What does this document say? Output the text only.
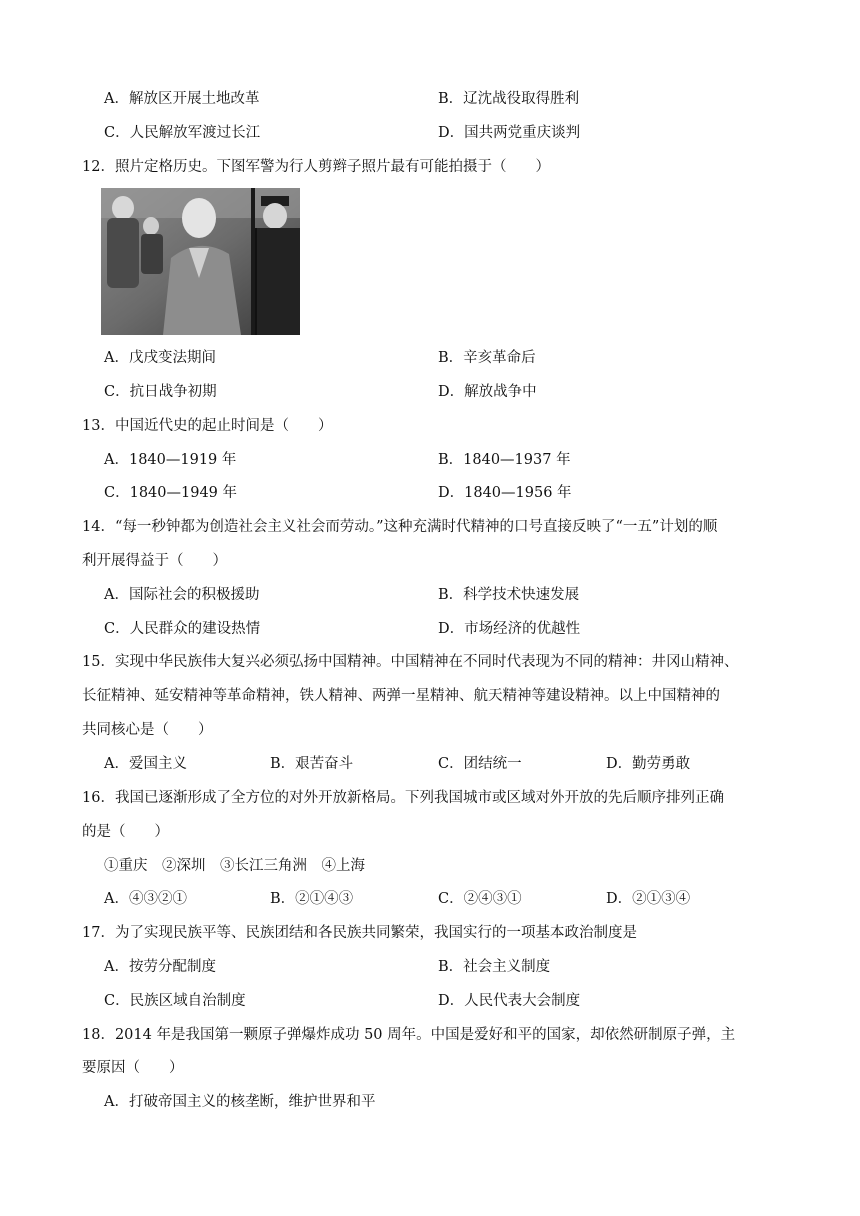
A．解放区开展土地改革	B．辽沈战役取得胜利
C．人民解放军渡过长江	D．国共两党重庆谈判
12．照片定格历史。下图军警为行人剪辫子照片最有可能拍摄于（　　）
A．戊戌变法期间	B．辛亥革命后
C．抗日战争初期	D．解放战争中
13．中国近代史的起止时间是（　　）
A．1840—1919 年	B．1840—1937 年
C．1840—1949 年	D．1840—1956 年
14．“每一秒钟都为创造社会主义社会而劳动。”这种充满时代精神的口号直接反映了“一五”计划的顺
利开展得益于（　　）
A．国际社会的积极援助	B．科学技术快速发展
C．人民群众的建设热情	D．市场经济的优越性
15．实现中华民族伟大复兴必须弘扬中国精神。中国精神在不同时代表现为不同的精神：井冈山精神、
长征精神、延安精神等革命精神，铁人精神、两弹一星精神、航天精神等建设精神。以上中国精神的
共同核心是（　　）
A．爱国主义	B．艰苦奋斗	C．团结统一	D．勤劳勇敢
16．我国已逐渐形成了全方位的对外开放新格局。下列我国城市或区域对外开放的先后顺序排列正确
的是（　　）
①重庆　②深圳　③长江三角洲　④上海
A．④③②①	B．②①④③	C．②④③①	D．②①③④
17．为了实现民族平等、民族团结和各民族共同繁荣，我国实行的一项基本政治制度是
A．按劳分配制度	B．社会主义制度
C．民族区域自治制度	D．人民代表大会制度
18．2014 年是我国第一颗原子弹爆炸成功 50 周年。中国是爱好和平的国家，却依然研制原子弹，主
要原因（　　）
A．打破帝国主义的核垄断，维护世界和平
